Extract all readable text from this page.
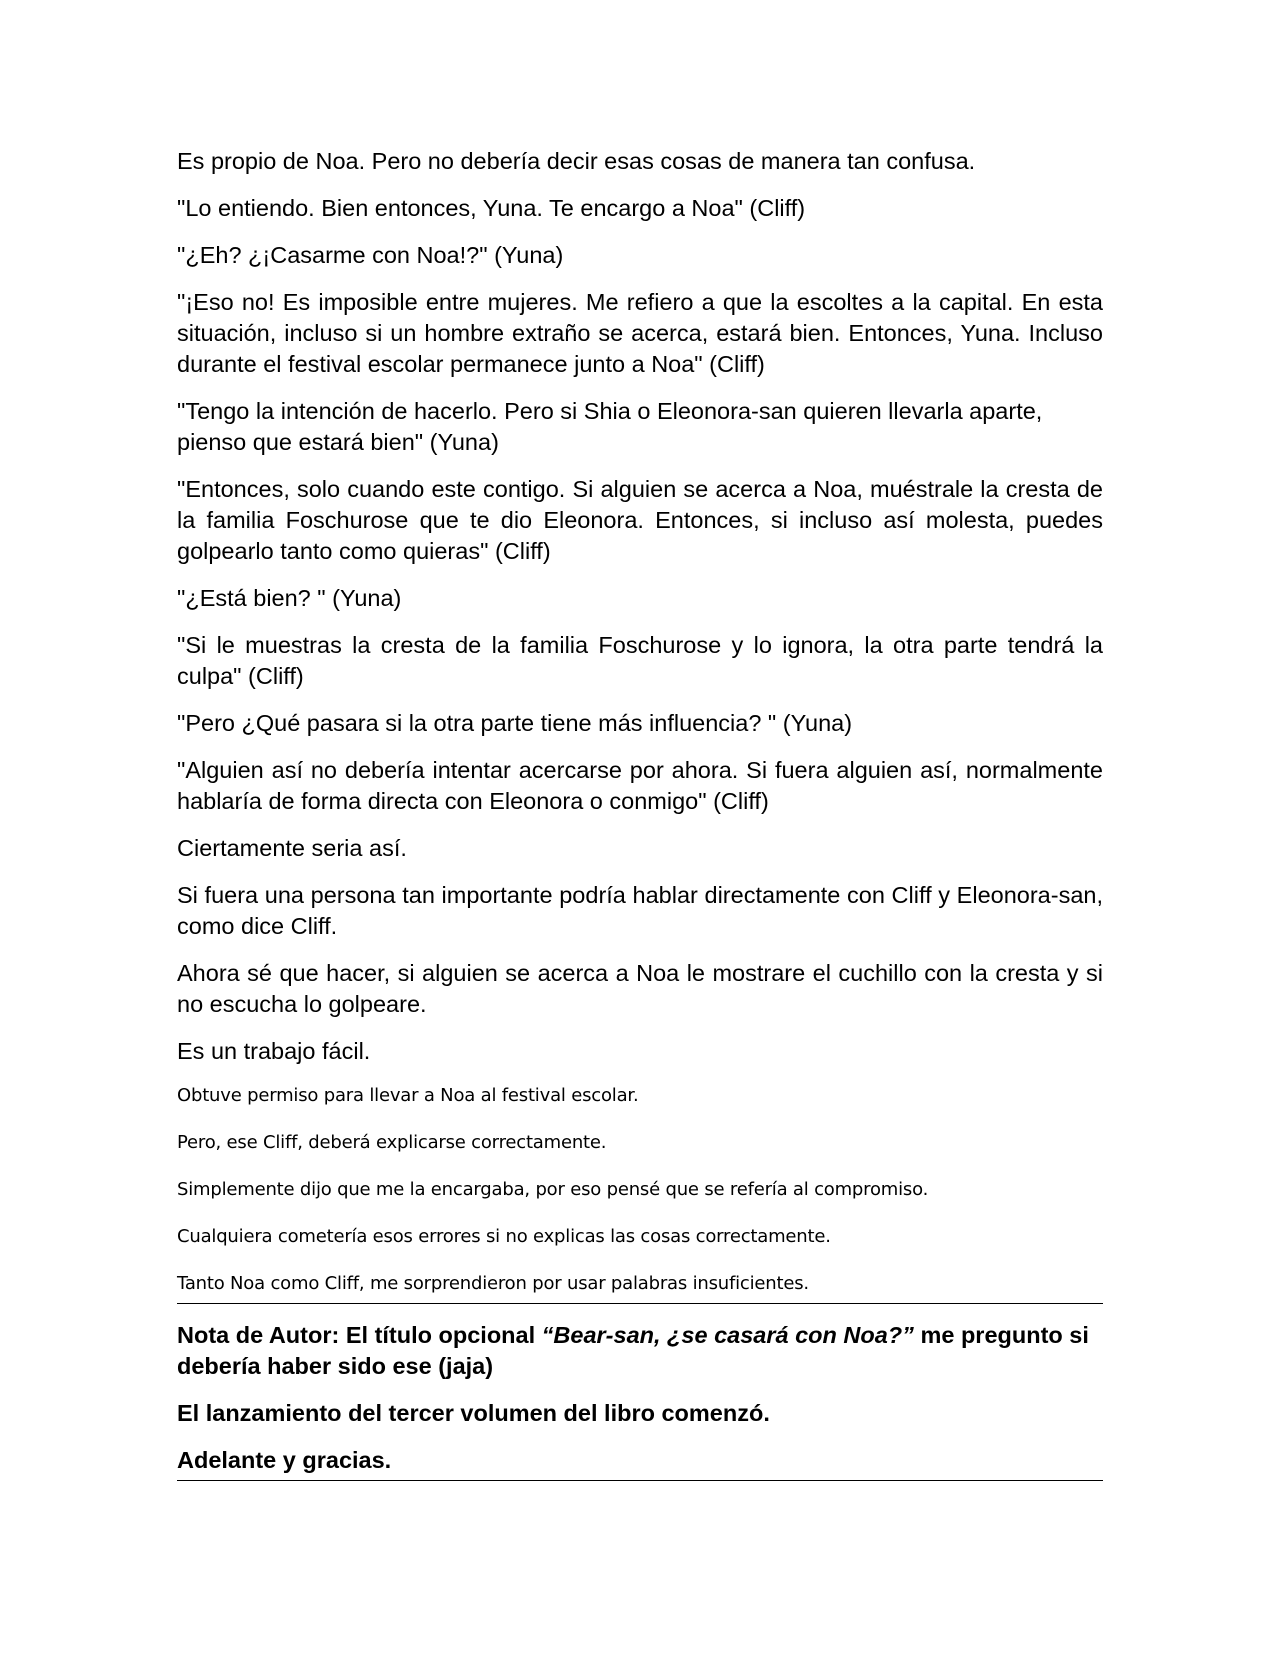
Es propio de Noa. Pero no debería decir esas cosas de manera tan confusa.

"Lo entiendo. Bien entonces, Yuna. Te encargo a Noa" (Cliff)

"¿Eh? ¿¡Casarme con Noa!?" (Yuna)

"¡Eso no! Es imposible entre mujeres. Me refiero a que la escoltes a la capital. En esta situación, incluso si un hombre extraño se acerca, estará bien. Entonces, Yuna. Incluso durante el festival escolar permanece junto a Noa" (Cliff)

"Tengo la intención de hacerlo. Pero si Shia o Eleonora-san quieren llevarla aparte, pienso que estará bien" (Yuna)

"Entonces, solo cuando este contigo. Si alguien se acerca a Noa, muéstrale la cresta de la familia Foschurose que te dio Eleonora. Entonces, si incluso así molesta, puedes golpearlo tanto como quieras" (Cliff)

"¿Está bien? " (Yuna)

"Si le muestras la cresta de la familia Foschurose y lo ignora, la otra parte tendrá la culpa" (Cliff)

"Pero ¿Qué pasara si la otra parte tiene más influencia? " (Yuna)

"Alguien así no debería intentar acercarse por ahora. Si fuera alguien así, normalmente hablaría de forma directa con Eleonora o conmigo" (Cliff)

Ciertamente seria así.

Si fuera una persona tan importante podría hablar directamente con Cliff y Eleonora-san, como dice Cliff.

Ahora sé que hacer, si alguien se acerca a Noa le mostrare el cuchillo con la cresta y si no escucha lo golpeare.

Es un trabajo fácil.

Obtuve permiso para llevar a Noa al festival escolar.

Pero, ese Cliff, deberá explicarse correctamente.

Simplemente dijo que me la encargaba, por eso pensé que se refería al compromiso.

Cualquiera cometería esos errores si no explicas las cosas correctamente.

Tanto Noa como Cliff, me sorprendieron por usar palabras insuficientes.

Nota de Autor: El título opcional “Bear-san, ¿se casará con Noa?” me pregunto si debería haber sido ese (jaja)

El lanzamiento del tercer volumen del libro comenzó.

Adelante y gracias.
